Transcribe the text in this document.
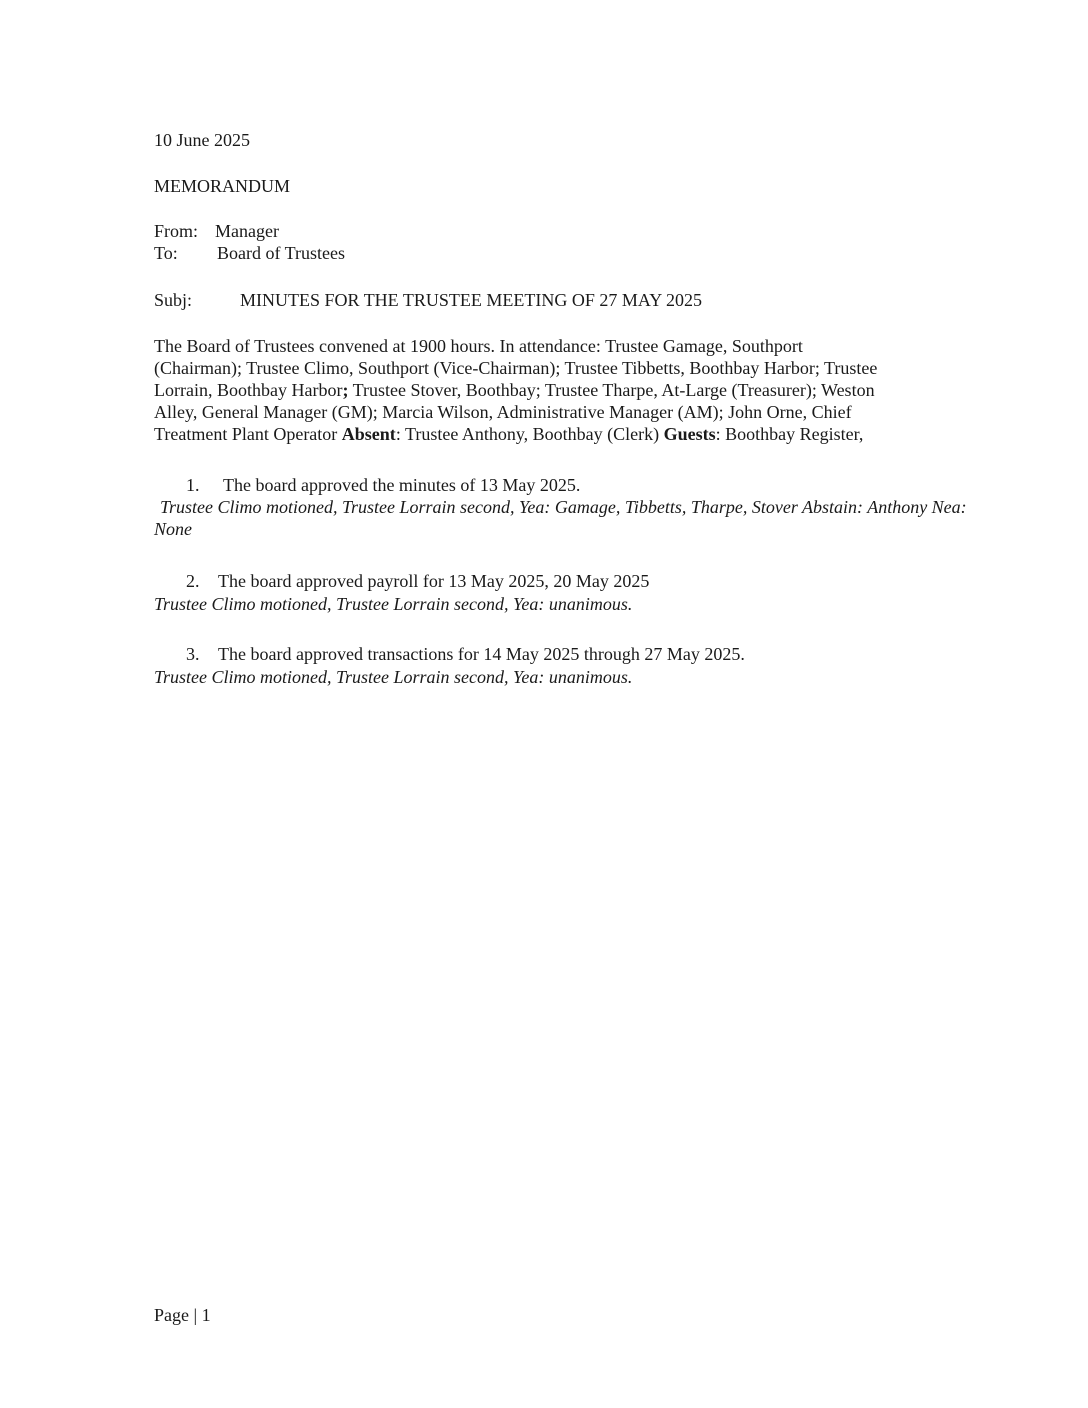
10 June 2025
MEMORANDUM
From: Manager
To: Board of Trustees
Subj:	MINUTES FOR THE TRUSTEE MEETING OF 27 MAY 2025
The Board of Trustees convened at 1900 hours. In attendance: Trustee Gamage, Southport
(Chairman); Trustee Climo, Southport (Vice-Chairman); Trustee Tibbetts, Boothbay Harbor; Trustee
Lorrain, Boothbay Harbor; Trustee Stover, Boothbay; Trustee Tharpe, At-Large (Treasurer); Weston
Alley, General Manager (GM); Marcia Wilson, Administrative Manager (AM); John Orne, Chief
Treatment Plant Operator Absent: Trustee Anthony, Boothbay (Clerk) Guests: Boothbay Register,
1. The board approved the minutes of 13 May 2025.
Trustee Climo motioned, Trustee Lorrain second, Yea: Gamage, Tibbetts, Tharpe, Stover Abstain: Anthony Nea:
None
2. The board approved payroll for 13 May 2025, 20 May 2025
Trustee Climo motioned, Trustee Lorrain second, Yea: unanimous.
3. The board approved transactions for 14 May 2025 through 27 May 2025.
Trustee Climo motioned, Trustee Lorrain second, Yea: unanimous.
Page | 1
